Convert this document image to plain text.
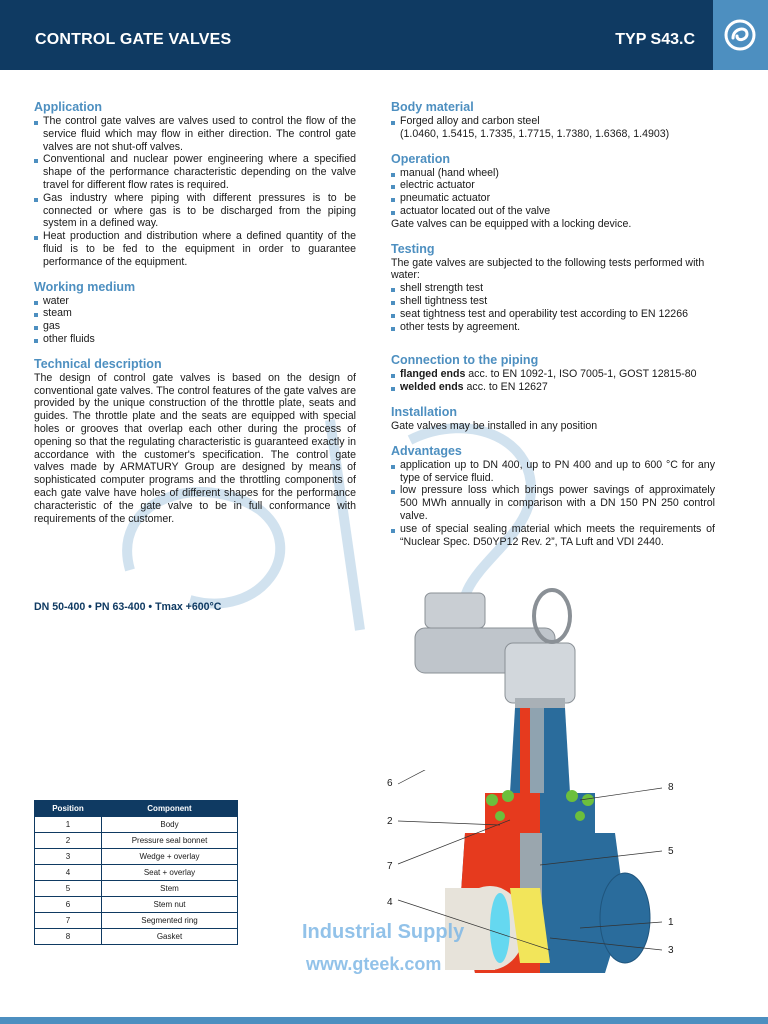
CONTROL GATE VALVES	TYP S43.C
Application
The control gate valves are valves used to control the flow of the service fluid which may flow in either direction. The control gate valves are not shut-off valves.
Conventional and nuclear power engineering where a specified shape of the performance characteristic depending on the valve travel for different flow rates is required.
Gas industry where piping with different pressures is to be connected or where gas is to be discharged from the piping system in a defined way.
Heat production and distribution where a defined quantity of the fluid is to be fed to the equipment in order to guarantee performance of the equipment.
Working medium
water
steam
gas
other fluids
Technical description

The design of control gate valves is based on the design of conventional gate valves. The control features of the gate valves are provided by the unique construction of the throttle plate, seats and guides. The throttle plate and the seats are equipped with special holes or grooves that overlap each other during the process of opening so that the regulating characteristic is guaranteed exactly in accordance with the customer's specification. The control gate valves made by ARMATURY Group are designed by means of sophisticated computer programs and the throttling components of each gate valve have holes of different shapes for the performance characteristic of the gate valve to be in full conformance with requirements of the customer.

DN 50-400 • PN 63-400 • Tmax +600°C
Body material
Forged alloy and carbon steel
(1.0460, 1.5415, 1.7335, 1.7715, 1.7380, 1.6368, 1.4903)
Operation
manual (hand wheel)
electric actuator
pneumatic actuator
actuator located out of the valve

Gate valves can be equipped with a locking device.

Testing

The gate valves are subjected to the following tests performed with water:

shell strength test
shell tightness test
seat tightness test and operability test according to EN 12266
other tests by agreement.
Connection to the piping
flanged ends acc. to EN 1092-1, ISO 7005-1, GOST 12815-80
welded ends acc. to EN 12627
Installation

Gate valves may be installed in any position

Advantages
application up to DN 400, up to PN 400 and up to 600 °C for any type of service fluid.
low pressure loss which brings power savings of approximately 500 MWh annually in comparison with a DN 150 PN 250 control valve.
use of special sealing material which meets the requirements of “Nuclear Spec. D50YP12 Rev. 2”, TA Luft and VDI 2440.
Position	Component
1	Body
2	Pressure seal bonnet
3	Wedge + overlay
4	Seat + overlay
5	Stem
6	Stem nut
7	Segmented ring
8	Gasket
6
2
7
4
8
5
1
3
Industrial Supply
www.gteek.com
